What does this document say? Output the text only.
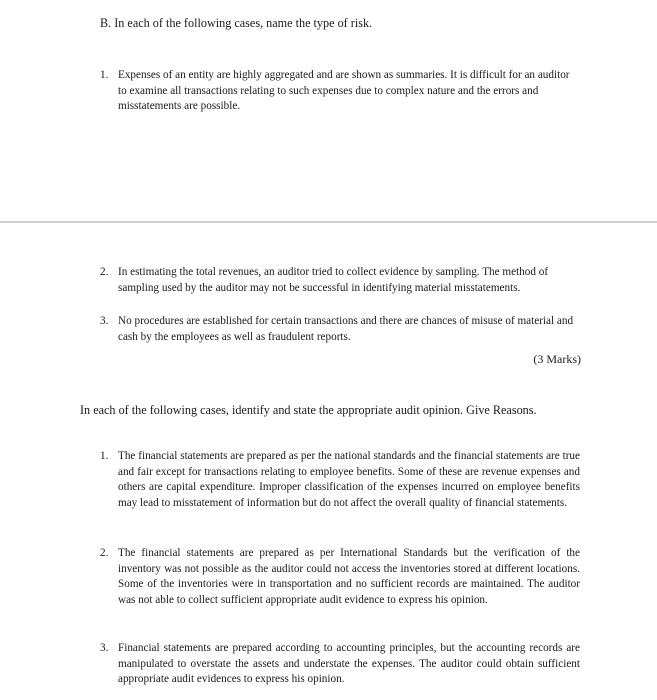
B. In each of the following cases, name the type of risk.
1. Expenses of an entity are highly aggregated and are shown as summaries. It is difficult for an auditor to examine all transactions relating to such expenses due to complex nature and the errors and misstatements are possible.
2. In estimating the total revenues, an auditor tried to collect evidence by sampling. The method of sampling used by the auditor may not be successful in identifying material misstatements.
3. No procedures are established for certain transactions and there are chances of misuse of material and cash by the employees as well as fraudulent reports.
(3 Marks)
In each of the following cases, identify and state the appropriate audit opinion. Give Reasons.
1. The financial statements are prepared as per the national standards and the financial statements are true and fair except for transactions relating to employee benefits. Some of these are revenue expenses and others are capital expenditure. Improper classification of the expenses incurred on employee benefits may lead to misstatement of information but do not affect the overall quality of financial statements.
2. The financial statements are prepared as per International Standards but the verification of the inventory was not possible as the auditor could not access the inventories stored at different locations. Some of the inventories were in transportation and no sufficient records are maintained. The auditor was not able to collect sufficient appropriate audit evidence to express his opinion.
3. Financial statements are prepared according to accounting principles, but the accounting records are manipulated to overstate the assets and understate the expenses. The auditor could obtain sufficient appropriate audit evidences to express his opinion.
